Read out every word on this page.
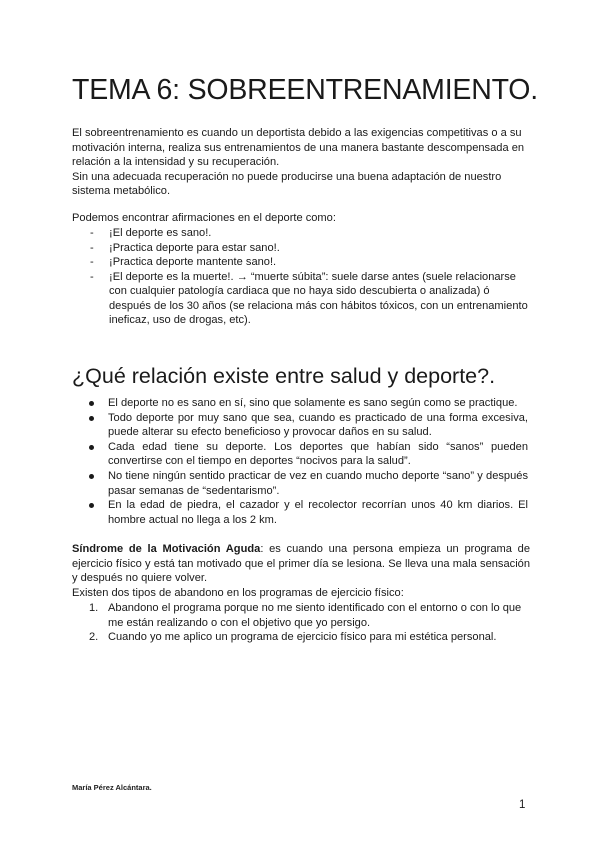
TEMA 6: SOBREENTRENAMIENTO.

El sobreentrenamiento es cuando un deportista debido a las exigencias competitivas o a su motivación interna, realiza sus entrenamientos de una manera bastante descompensada en relación a la intensidad y su recuperación.
Sin una adecuada recuperación no puede producirse una buena adaptación de nuestro sistema metabólico.

Podemos encontrar afirmaciones en el deporte como:

- ¡El deporte es sano!.
- ¡Practica deporte para estar sano!.
- ¡Practica deporte mantente sano!.
- ¡El deporte es la muerte!. → “muerte súbita”: suele darse antes (suele relacionarse con cualquier patología cardiaca que no haya sido descubierta o analizada) ó después de los 30 años (se relaciona más con hábitos tóxicos, con un entrenamiento ineficaz, uso de drogas, etc).
¿Qué relación existe entre salud y deporte?.
El deporte no es sano en sí, sino que solamente es sano según como se practique.
Todo deporte por muy sano que sea, cuando es practicado de una forma excesiva, puede alterar su efecto beneficioso y provocar daños en su salud.
Cada edad tiene su deporte. Los deportes que habían sido “sanos” pueden convertirse con el tiempo en deportes “nocivos para la salud”.
No tiene ningún sentido practicar de vez en cuando mucho deporte “sano” y después pasar semanas de “sedentarismo”.
En la edad de piedra, el cazador y el recolector recorrían unos 40 km diarios. El hombre actual no llega a los 2 km.

Síndrome de la Motivación Aguda: es cuando una persona empieza un programa de ejercicio físico y está tan motivado que el primer día se lesiona. Se lleva una mala sensación y después no quiere volver.

Existen dos tipos de abandono en los programas de ejercicio físico:

1. Abandono el programa porque no me siento identificado con el entorno o con lo que me están realizando o con el objetivo que yo persigo.
2. Cuando yo me aplico un programa de ejercicio físico para mi estética personal.
María Pérez Alcántara.
1
